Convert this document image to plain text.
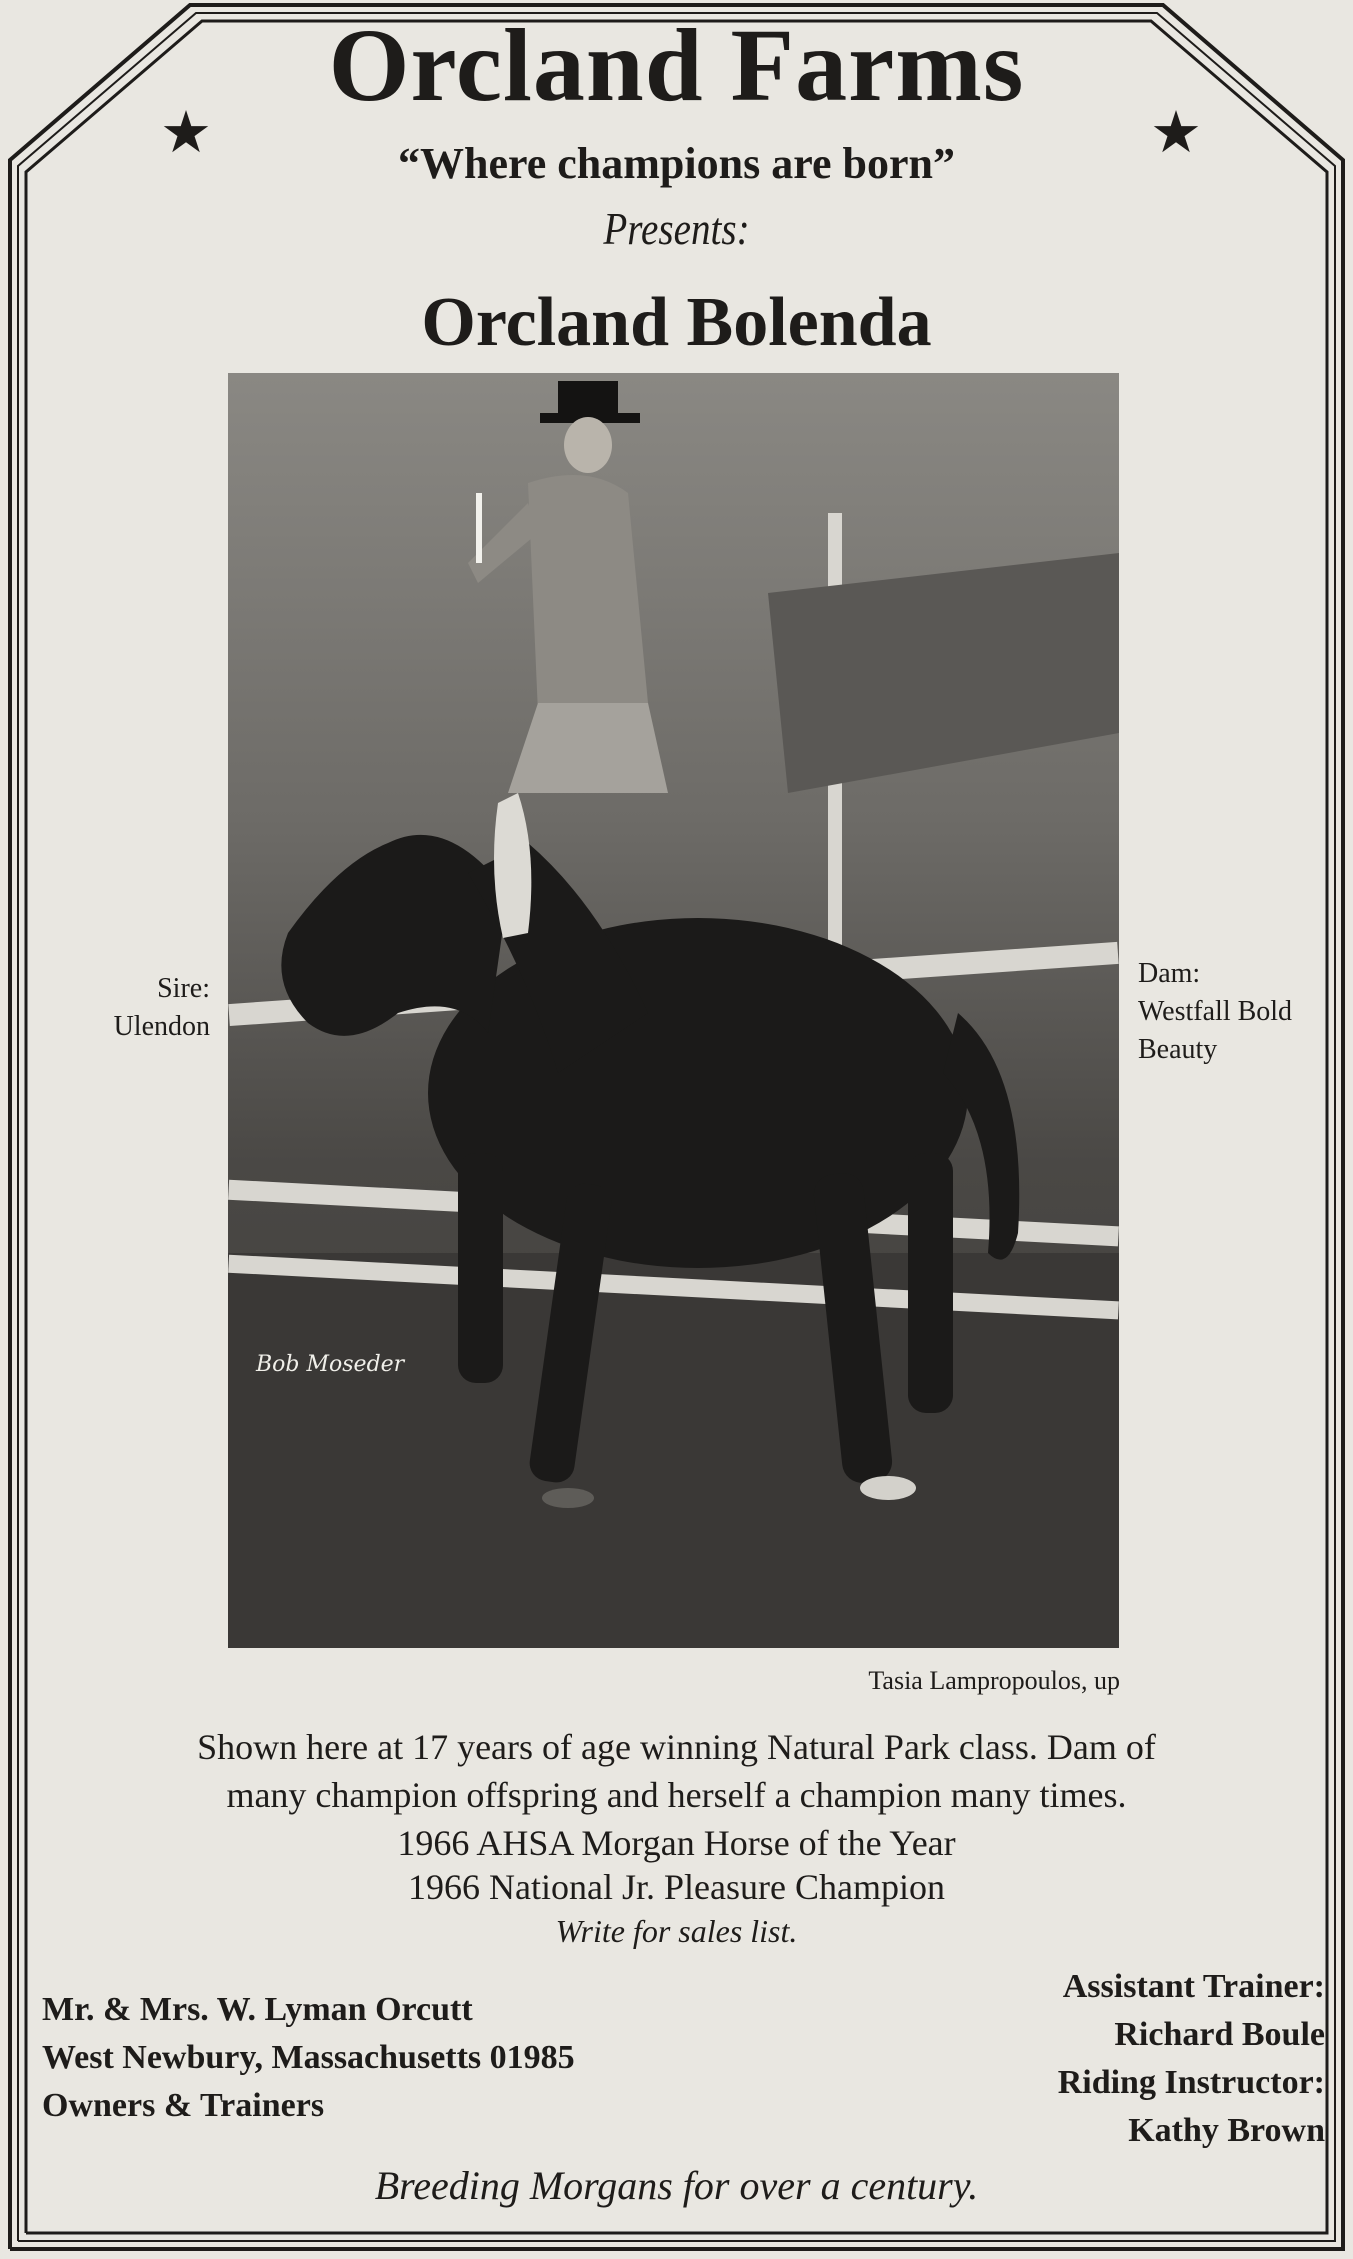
★	★
Orcland Farms
“Where champions are born”
Presents:
Orcland Bolenda
Bob Moseder
Sire:
Ulendon
Dam:
Westfall Bold
Beauty
Tasia Lampropoulos, up

Shown here at 17 years of age winning Natural Park class. Dam of

many champion offspring and herself a champion many times.

1966 AHSA Morgan Horse of the Year

1966 National Jr. Pleasure Champion

Write for sales list.

Mr. & Mrs. W. Lyman Orcutt
West Newbury, Massachusetts 01985
Owners & Trainers
Assistant Trainer:
Richard Boule
Riding Instructor:
Kathy Brown
Breeding Morgans for over a century.
